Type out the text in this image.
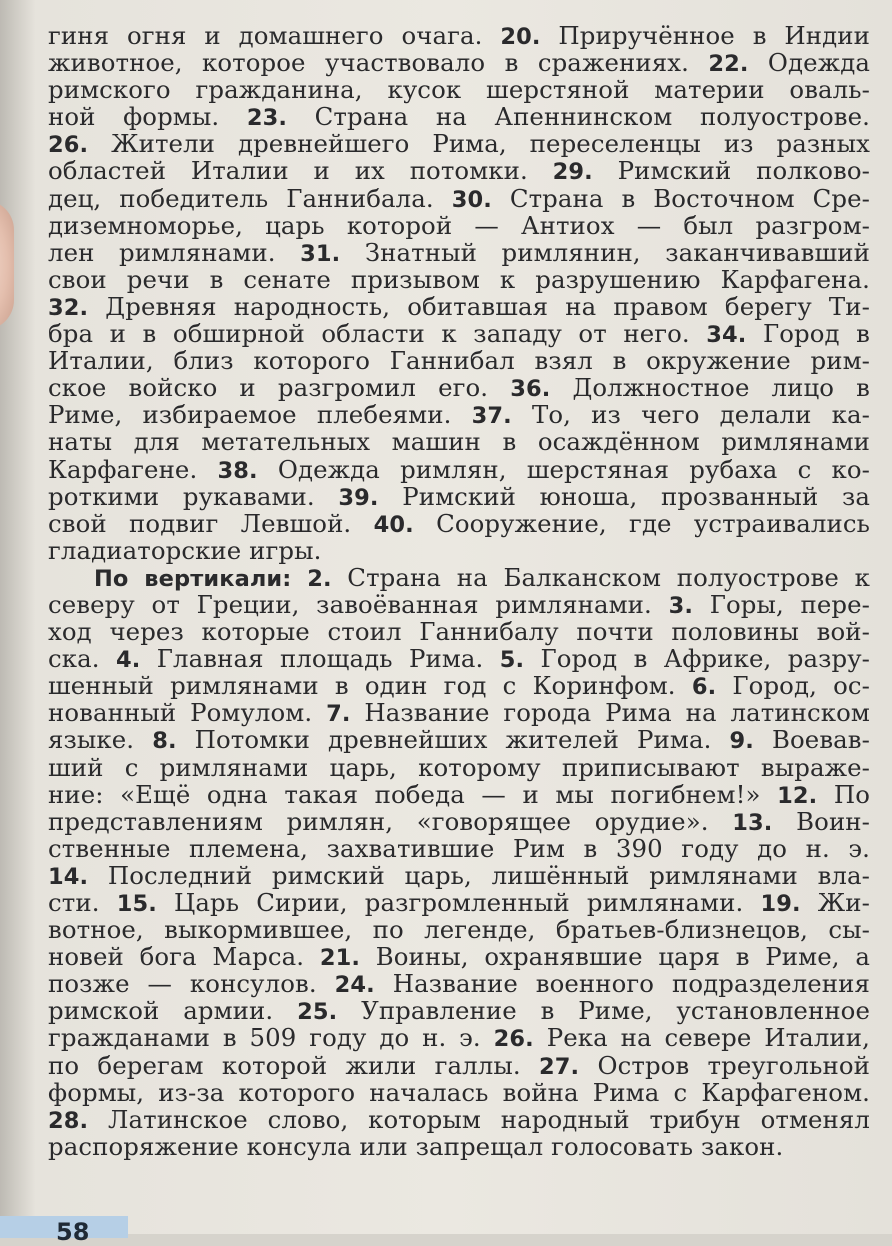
гиня огня и домашнего очага. 20. Приручённое в Индии
животное, которое участвовало в сражениях. 22. Одежда
римского гражданина, кусок шерстяной материи оваль-
ной формы. 23. Страна на Апеннинском полуострове.
26. Жители древнейшего Рима, переселенцы из разных
областей Италии и их потомки. 29. Римский полково-
дец, победитель Ганнибала. 30. Страна в Восточном Сре-
диземноморье, царь которой — Антиох — был разгром-
лен римлянами. 31. Знатный римлянин, заканчивавший
свои речи в сенате призывом к разрушению Карфагена.
32. Древняя народность, обитавшая на правом берегу Ти-
бра и в обширной области к западу от него. 34. Город в
Италии, близ которого Ганнибал взял в окружение рим-
ское войско и разгромил его. 36. Должностное лицо в
Риме, избираемое плебеями. 37. То, из чего делали ка-
наты для метательных машин в осаждённом римлянами
Карфагене. 38. Одежда римлян, шерстяная рубаха с ко-
роткими рукавами. 39. Римский юноша, прозванный за
свой подвиг Левшой. 40. Сооружение, где устраивались
гладиаторские игры.
По вертикали: 2. Страна на Балканском полуострове к
северу от Греции, завоёванная римлянами. 3. Горы, пере-
ход через которые стоил Ганнибалу почти половины вой-
ска. 4. Главная площадь Рима. 5. Город в Африке, разру-
шенный римлянами в один год с Коринфом. 6. Город, ос-
нованный Ромулом. 7. Название города Рима на латинском
языке. 8. Потомки древнейших жителей Рима. 9. Воевав-
ший с римлянами царь, которому приписывают выраже-
ние: «Ещё одна такая победа — и мы погибнем!» 12. По
представлениям римлян, «говорящее орудие». 13. Воин-
ственные племена, захватившие Рим в 390 году до н. э.
14. Последний римский царь, лишённый римлянами вла-
сти. 15. Царь Сирии, разгромленный римлянами. 19. Жи-
вотное, выкормившее, по легенде, братьев-близнецов, сы-
новей бога Марса. 21. Воины, охранявшие царя в Риме, а
позже — консулов. 24. Название военного подразделения
римской армии. 25. Управление в Риме, установленное
гражданами в 509 году до н. э. 26. Река на севере Италии,
по берегам которой жили галлы. 27. Остров треугольной
формы, из-за которого началась война Рима с Карфагеном.
28. Латинское слово, которым народный трибун отменял
распоряжение консула или запрещал голосовать закон.
58
